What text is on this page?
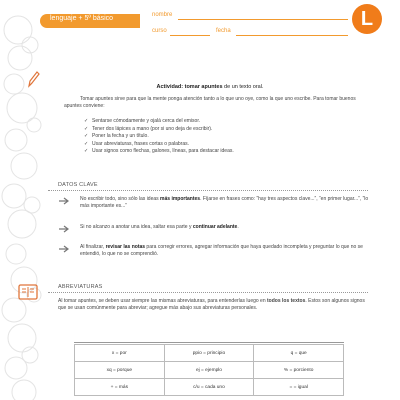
lenguaje + 5º básico	nombre
curso	fecha
L
Actividad: tomar apuntes de un texto oral.

Tomar apuntes sirve para que la mente ponga atención tanto a lo que uno oye, como la que uno escribe. Para tomar buenos apuntes conviene:

✓ Sentarse cómodamente y ojalá cerca del emisor.
✓ Tener dos lápices a mano (por si uno deja de escribir).
✓ Poner la fecha y un título.
✓ Usar abreviaturas, frases cortas o palabras.
✓ Usar signos como flechas, galones, líneas, para destacar ideas.
DATOS CLAVE

No escribir todo, sino sólo las ideas más importantes. Fíjarse en frases como: “hay tres aspectos clave...”, “en primer lugar...”, “lo más importante es...”

Si no alcanzo a anotar una idea, saltar esa parte y continuar adelante.

Al finalizar, revisar las notas para corregir errores, agregar información que haya quedado incompleta y preguntar lo que no se entendió, lo que no se comprendió.

ABREVIATURAS

Al tomar apuntes, se deben usar siempre las mismas abreviaturas, para entenderlas luego en todos los textos. Estos son algunos signos que se usan comúnmente para abreviar; agregue más abajo sus abreviaturas personales.

x = por	ppio = principio	q = que
xq = porque	ej = ejemplo	% = porciento
+ = más	c/u = cada uno	= = igual
